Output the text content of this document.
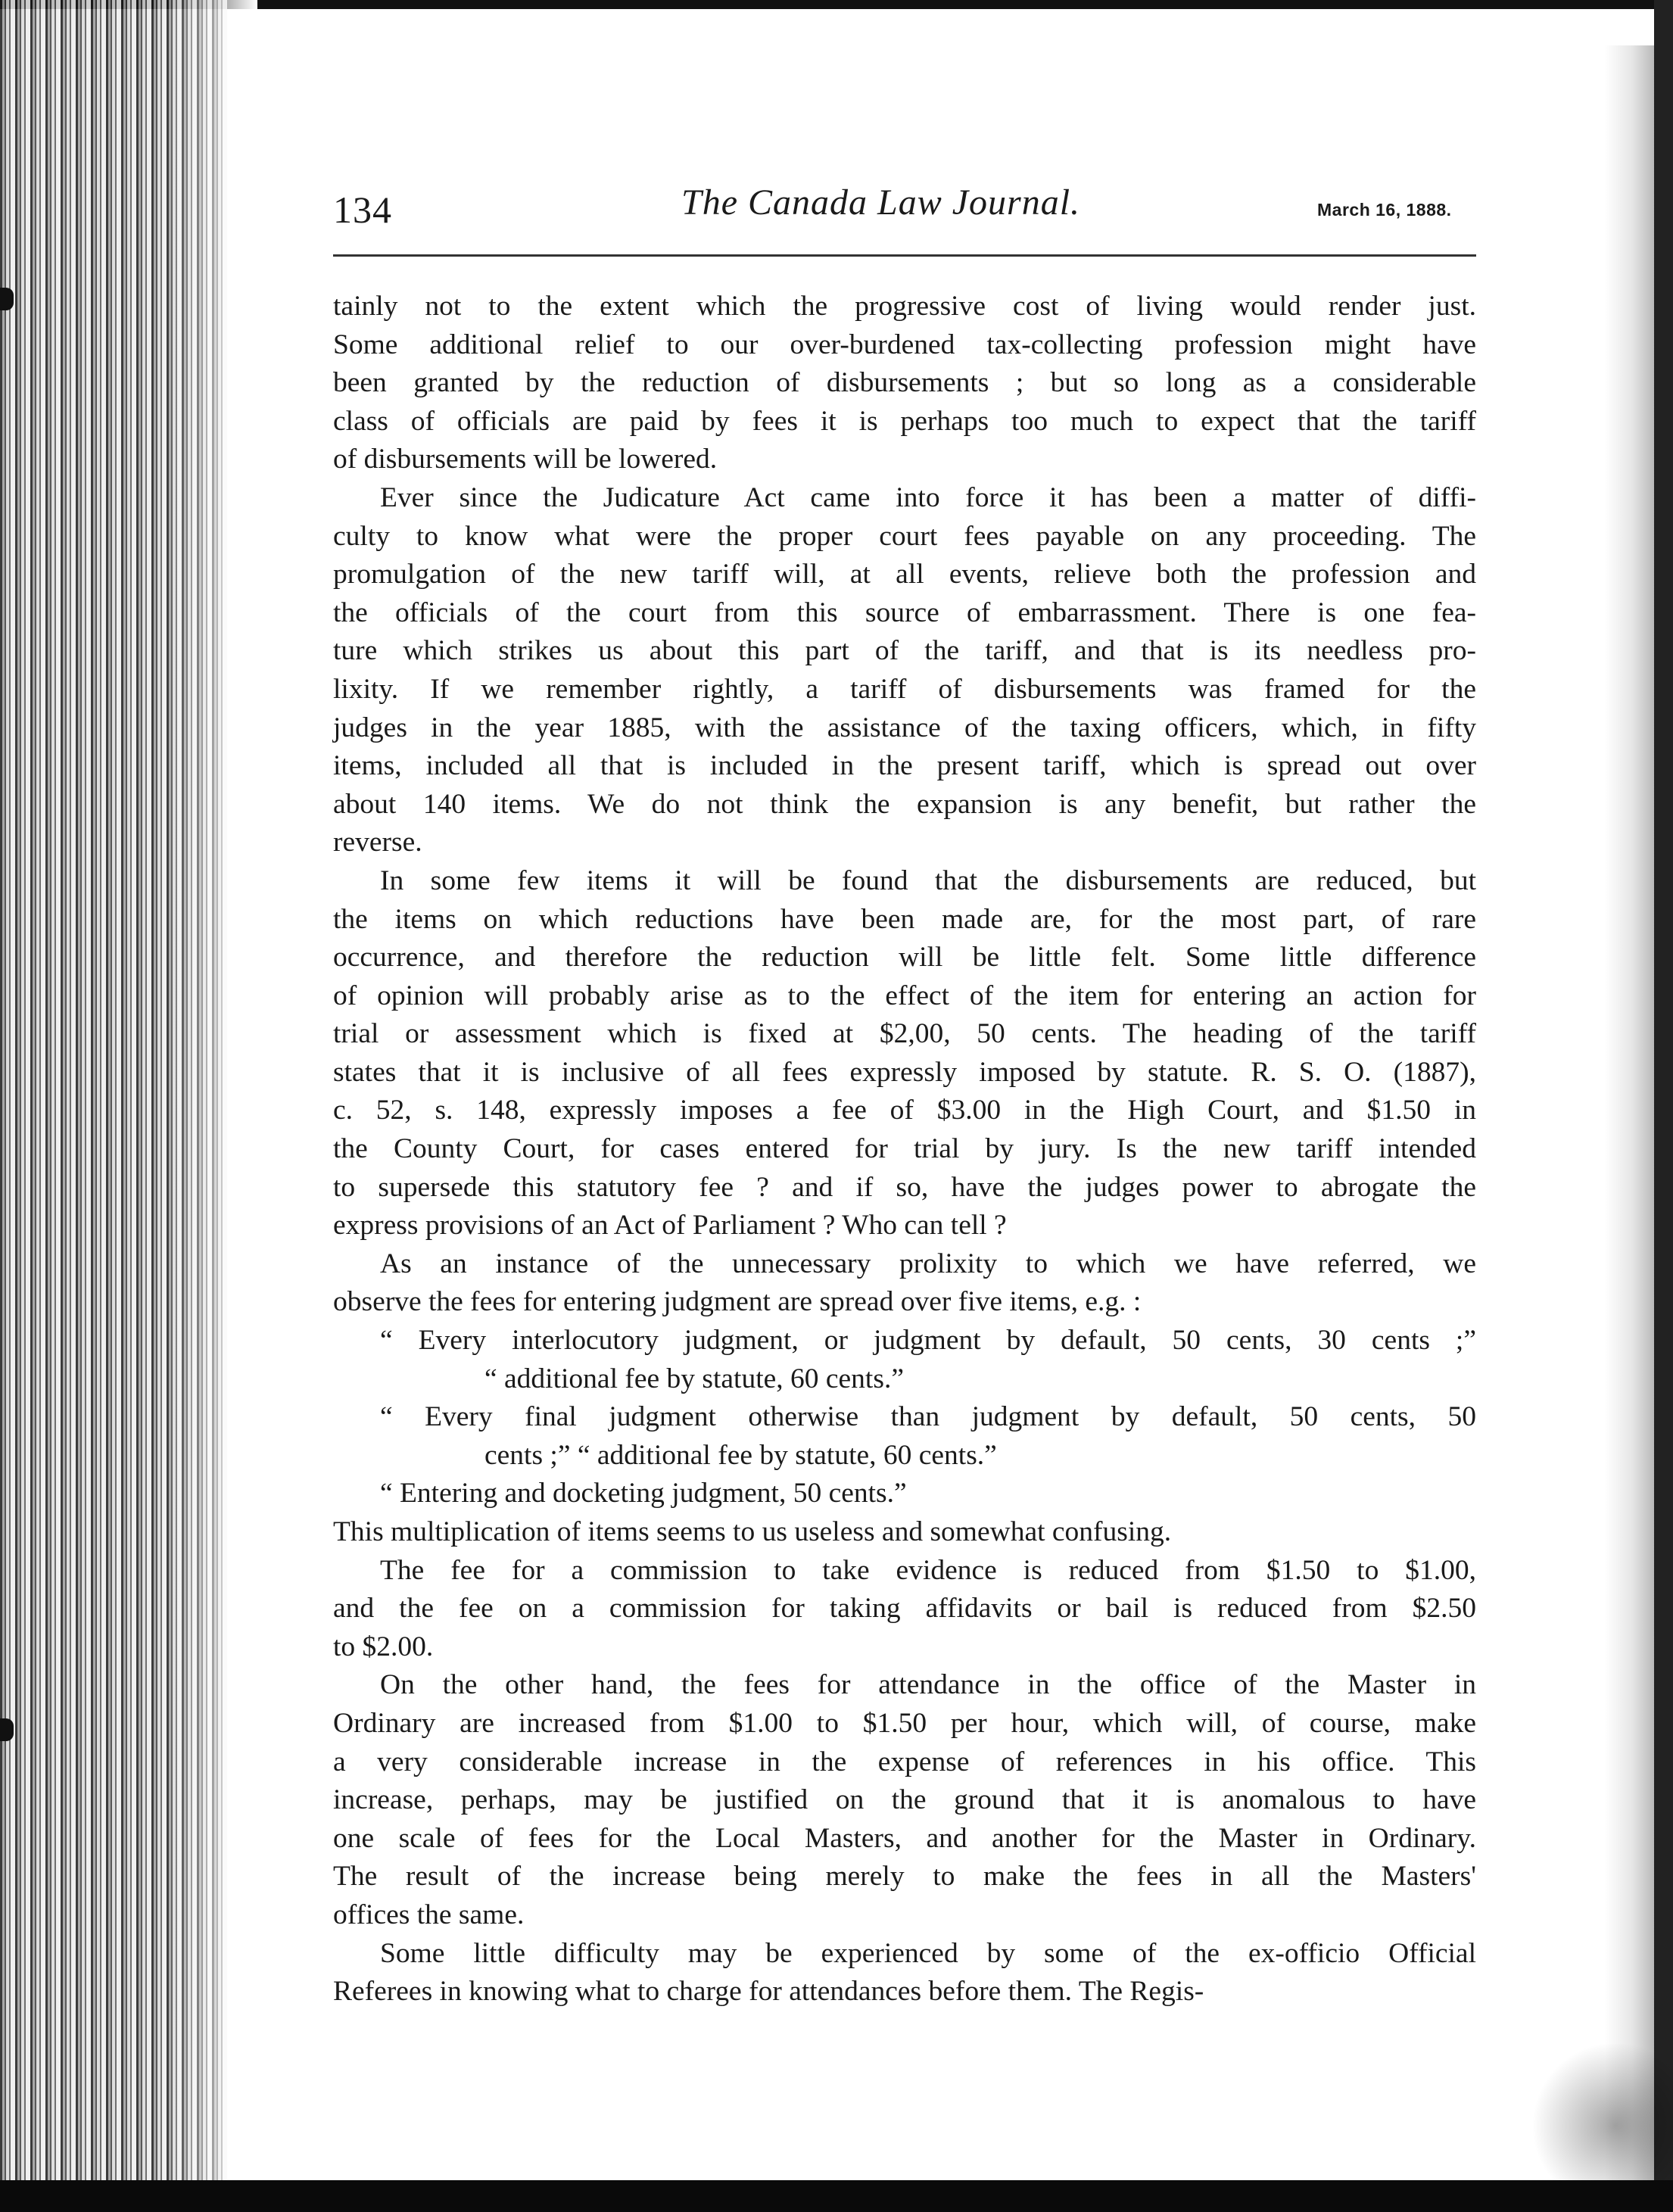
134	The Canada Law Journal.	March 16, 1888.

tainly not to the extent which the progressive cost of living would render just.

Some additional relief to our over-burdened tax-collecting profession might have

been granted by the reduction of disbursements ; but so long as a considerable

class of officials are paid by fees it is perhaps too much to expect that the tariff

of disbursements will be lowered.

Ever since the Judicature Act came into force it has been a matter of diffi-

culty to know what were the proper court fees payable on any proceeding. The

promulgation of the new tariff will, at all events, relieve both the profession and

the officials of the court from this source of embarrassment. There is one fea-

ture which strikes us about this part of the tariff, and that is its needless pro-

lixity. If we remember rightly, a tariff of disbursements was framed for the

judges in the year 1885, with the assistance of the taxing officers, which, in fifty

items, included all that is included in the present tariff, which is spread out over

about 140 items. We do not think the expansion is any benefit, but rather the

reverse.

In some few items it will be found that the disbursements are reduced, but

the items on which reductions have been made are, for the most part, of rare

occurrence, and therefore the reduction will be little felt. Some little difference

of opinion will probably arise as to the effect of the item for entering an action for

trial or assessment which is fixed at $2,00, 50 cents. The heading of the tariff

states that it is inclusive of all fees expressly imposed by statute. R. S. O. (1887),

c. 52, s. 148, expressly imposes a fee of $3.00 in the High Court, and $1.50 in

the County Court, for cases entered for trial by jury. Is the new tariff intended

to supersede this statutory fee ? and if so, have the judges power to abrogate the

express provisions of an Act of Parliament ? Who can tell ?

As an instance of the unnecessary prolixity to which we have referred, we

observe the fees for entering judgment are spread over five items, e.g. :

“ Every interlocutory judgment, or judgment by default, 50 cents, 30 cents ;”

“ additional fee by statute, 60 cents.”

“ Every final judgment otherwise than judgment by default, 50 cents, 50

cents ;” “ additional fee by statute, 60 cents.”

“ Entering and docketing judgment, 50 cents.”

This multiplication of items seems to us useless and somewhat confusing.

The fee for a commission to take evidence is reduced from $1.50 to $1.00,

and the fee on a commission for taking affidavits or bail is reduced from $2.50

to $2.00.

On the other hand, the fees for attendance in the office of the Master in

Ordinary are increased from $1.00 to $1.50 per hour, which will, of course, make

a very considerable increase in the expense of references in his office. This

increase, perhaps, may be justified on the ground that it is anomalous to have

one scale of fees for the Local Masters, and another for the Master in Ordinary.

The result of the increase being merely to make the fees in all the Masters'

offices the same.

Some little difficulty may be experienced by some of the ex-officio Official

Referees in knowing what to charge for attendances before them. The Regis-
